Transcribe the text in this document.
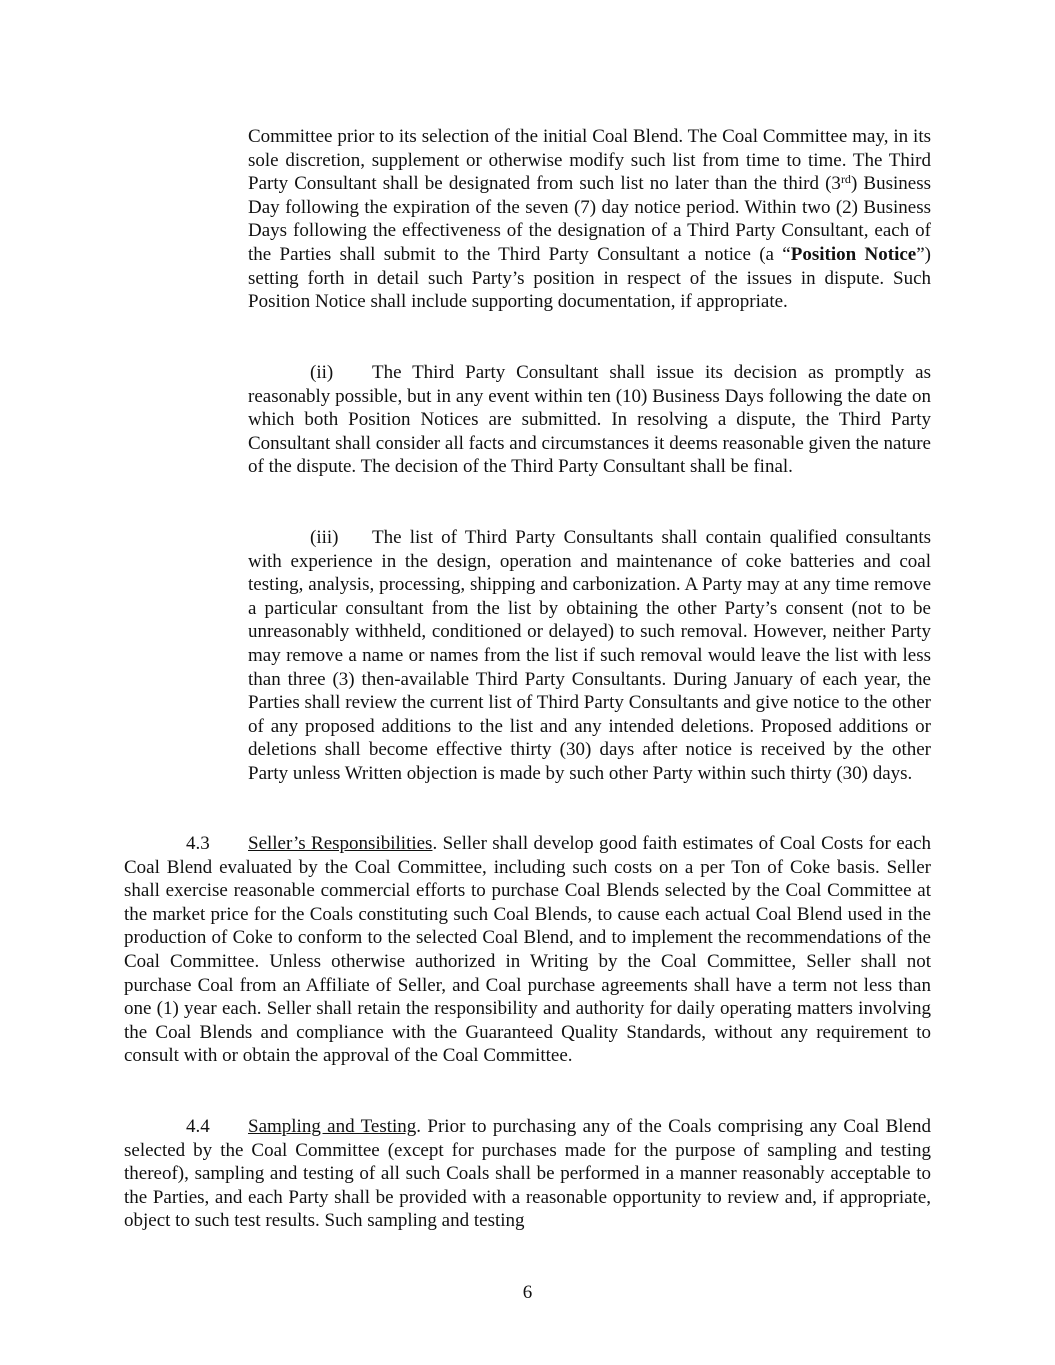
Committee prior to its selection of the initial Coal Blend. The Coal Committee may, in its sole discretion, supplement or otherwise modify such list from time to time. The Third Party Consultant shall be designated from such list no later than the third (3rd) Business Day following the expiration of the seven (7) day notice period. Within two (2) Business Days following the effectiveness of the designation of a Third Party Consultant, each of the Parties shall submit to the Third Party Consultant a notice (a “Position Notice”) setting forth in detail such Party’s position in respect of the issues in dispute. Such Position Notice shall include supporting documentation, if appropriate.

(ii) The Third Party Consultant shall issue its decision as promptly as reasonably possible, but in any event within ten (10) Business Days following the date on which both Position Notices are submitted. In resolving a dispute, the Third Party Consultant shall consider all facts and circumstances it deems reasonable given the nature of the dispute. The decision of the Third Party Consultant shall be final.

(iii) The list of Third Party Consultants shall contain qualified consultants with experience in the design, operation and maintenance of coke batteries and coal testing, analysis, processing, shipping and carbonization. A Party may at any time remove a particular consultant from the list by obtaining the other Party’s consent (not to be unreasonably withheld, conditioned or delayed) to such removal. However, neither Party may remove a name or names from the list if such removal would leave the list with less than three (3) then-available Third Party Consultants. During January of each year, the Parties shall review the current list of Third Party Consultants and give notice to the other of any proposed additions to the list and any intended deletions. Proposed additions or deletions shall become effective thirty (30) days after notice is received by the other Party unless Written objection is made by such other Party within such thirty (30) days.

4.3 Seller’s Responsibilities. Seller shall develop good faith estimates of Coal Costs for each Coal Blend evaluated by the Coal Committee, including such costs on a per Ton of Coke basis. Seller shall exercise reasonable commercial efforts to purchase Coal Blends selected by the Coal Committee at the market price for the Coals constituting such Coal Blends, to cause each actual Coal Blend used in the production of Coke to conform to the selected Coal Blend, and to implement the recommendations of the Coal Committee. Unless otherwise authorized in Writing by the Coal Committee, Seller shall not purchase Coal from an Affiliate of Seller, and Coal purchase agreements shall have a term not less than one (1) year each. Seller shall retain the responsibility and authority for daily operating matters involving the Coal Blends and compliance with the Guaranteed Quality Standards, without any requirement to consult with or obtain the approval of the Coal Committee.

4.4 Sampling and Testing. Prior to purchasing any of the Coals comprising any Coal Blend selected by the Coal Committee (except for purchases made for the purpose of sampling and testing thereof), sampling and testing of all such Coals shall be performed in a manner reasonably acceptable to the Parties, and each Party shall be provided with a reasonable opportunity to review and, if appropriate, object to such test results. Such sampling and testing

6
